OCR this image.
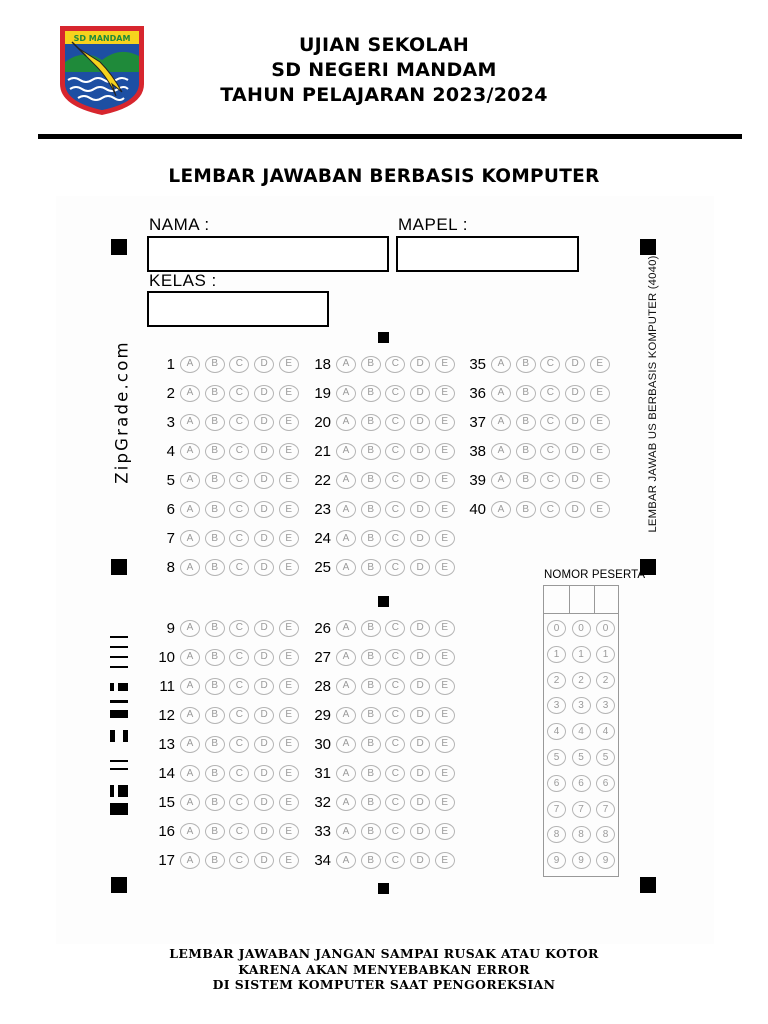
SD MANDAM	UJIAN SEKOLAH
SD NEGERI MANDAM
TAHUN PELAJARAN 2023/2024
LEMBAR JAWABAN BERBASIS KOMPUTER
NAMA :	MAPEL :
KELAS :
ZipGrade.com	LEMBAR JAWAB US BERBASIS KOMPUTER (4040)
1	A	B	C	D	E
2	A	B	C	D	E
3	A	B	C	D	E
4	A	B	C	D	E
5	A	B	C	D	E
6	A	B	C	D	E
7	A	B	C	D	E
8	A	B	C	D	E
18	A	B	C	D	E
19	A	B	C	D	E
20	A	B	C	D	E
21	A	B	C	D	E
22	A	B	C	D	E
23	A	B	C	D	E
24	A	B	C	D	E
25	A	B	C	D	E
35	A	B	C	D	E
36	A	B	C	D	E
37	A	B	C	D	E
38	A	B	C	D	E
39	A	B	C	D	E
40	A	B	C	D	E
9	A	B	C	D	E
10	A	B	C	D	E
11	A	B	C	D	E
12	A	B	C	D	E
13	A	B	C	D	E
14	A	B	C	D	E
15	A	B	C	D	E
16	A	B	C	D	E
17	A	B	C	D	E
26	A	B	C	D	E
27	A	B	C	D	E
28	A	B	C	D	E
29	A	B	C	D	E
30	A	B	C	D	E
31	A	B	C	D	E
32	A	B	C	D	E
33	A	B	C	D	E
34	A	B	C	D	E
NOMOR PESERTA
0	0	0
1	1	1
2	2	2
3	3	3
4	4	4
5	5	5
6	6	6
7	7	7
8	8	8
9	9	9
LEMBAR JAWABAN JANGAN SAMPAI RUSAK ATAU KOTOR
KARENA AKAN MENYEBABKAN ERROR
DI SISTEM KOMPUTER SAAT PENGOREKSIAN
